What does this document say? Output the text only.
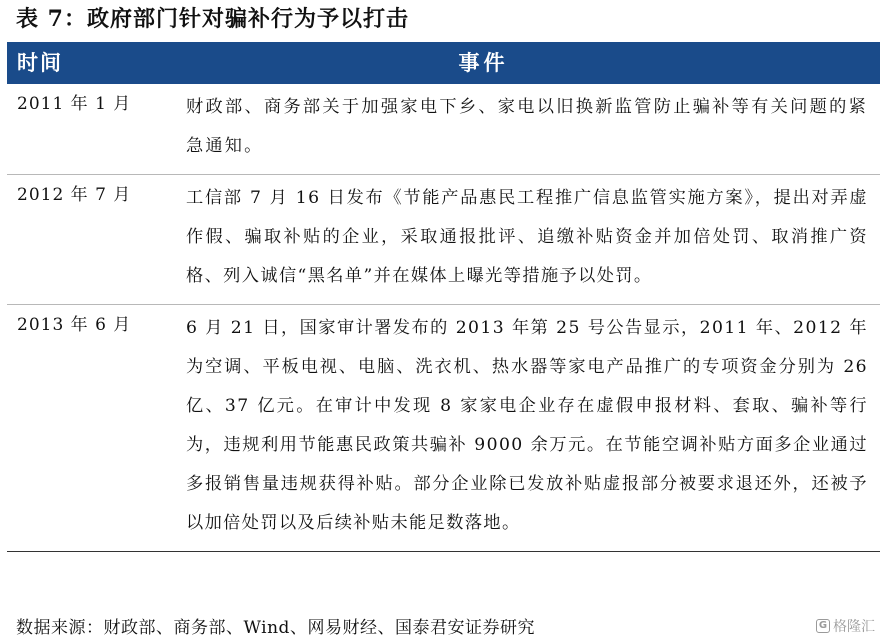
表 7：政府部门针对骗补行为予以打击
时间	事件
2011 年 1 月	财政部、商务部关于加强家电下乡、家电以旧换新监管防止骗补等有关问题的紧急通知。
2012 年 7 月	工信部 7 月 16 日发布《节能产品惠民工程推广信息监管实施方案》，提出对弄虚作假、骗取补贴的企业，采取通报批评、追缴补贴资金并加倍处罚、取消推广资格、列入诚信“黑名单”并在媒体上曝光等措施予以处罚。
2013 年 6 月	6 月 21 日，国家审计署发布的 2013 年第 25 号公告显示，2011 年、2012 年为空调、平板电视、电脑、洗衣机、热水器等家电产品推广的专项资金分别为 26 亿、37 亿元。在审计中发现 8 家家电企业存在虚假申报材料、套取、骗补等行为，违规利用节能惠民政策共骗补 9000 余万元。在节能空调补贴方面多企业通过多报销售量违规获得补贴。部分企业除已发放补贴虚报部分被要求退还外，还被予以加倍处罚以及后续补贴未能足数落地。
数据来源：财政部、商务部、Wind、网易财经、国泰君安证券研究	G 格隆汇
